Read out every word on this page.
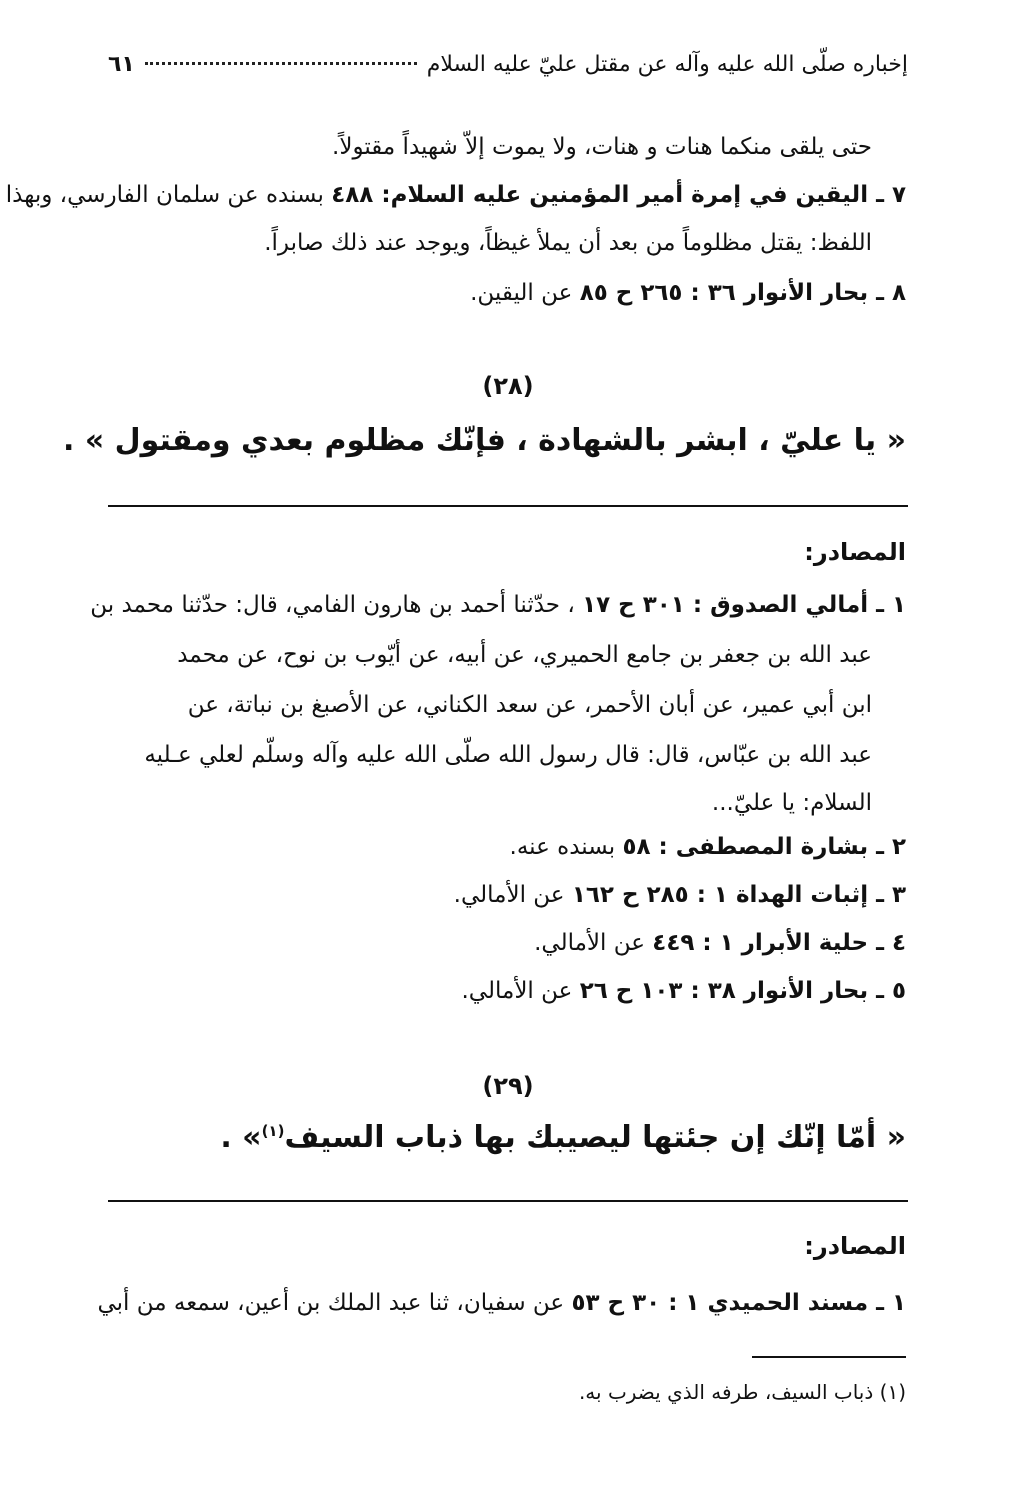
إخباره صلّى الله عليه وآله عن مقتل عليّ عليه السلام
٦١
حتى يلقى منكما هنات و هنات، ولا يموت إلاّ شهيداً مقتولاً.
٧ ـ اليقين في إمرة أمير المؤمنين عليه السلام: ٤٨٨ بسنده عن سلمان الفارسي، وبهذا
اللفظ: يقتل مظلوماً من بعد أن يملأ غيظاً، ويوجد عند ذلك صابراً.
٨ ـ بحار الأنوار ٣٦ : ٢٦٥ ح ٨٥ عن اليقين.
(٢٨)
« يا عليّ ، ابشر بالشهادة ، فإنّك مظلوم بعدي ومقتول » .
المصادر:
١ ـ أمالي الصدوق : ٣٠١ ح ١٧ ، حدّثنا أحمد بن هارون الفامي، قال: حدّثنا محمد بن
عبد الله بن جعفر بن جامع الحميري، عن أبيه، عن أيّوب بن نوح، عن محمد
ابن أبي عمير، عن أبان الأحمر، عن سعد الكناني، عن الأصبغ بن نباتة، عن
عبد الله بن عبّاس، قال: قال رسول الله صلّى الله عليه وآله وسلّم لعلي عـليه
السلام: يا عليّ...
٢ ـ بشارة المصطفى : ٥٨ بسنده عنه.
٣ ـ إثبات الهداة ١ : ٢٨٥ ح ١٦٢ عن الأمالي.
٤ ـ حلية الأبرار ١ : ٤٤٩ عن الأمالي.
٥ ـ بحار الأنوار ٣٨ : ١٠٣ ح ٢٦ عن الأمالي.
(٢٩)
« أمّا إنّك إن جئتها ليصيبك بها ذباب السيف$^{(١)}$» .
المصادر:
١ ـ مسند الحميدي ١ : ٣٠ ح ٥٣ عن سفيان، ثنا عبد الملك بن أعين، سمعه من أبي
(١) ذباب السيف، طرفه الذي يضرب به.
